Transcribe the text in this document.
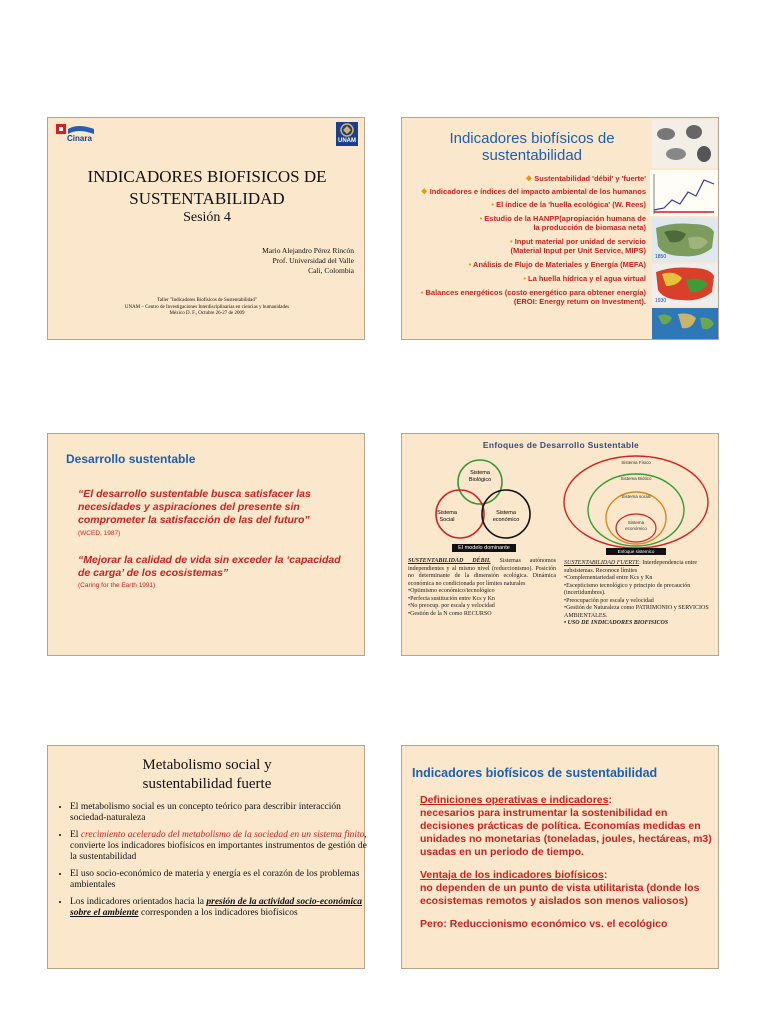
Cinara	UNAM
INDICADORES BIOFISICOS DE
SUSTENTABILIDAD
Sesión 4
Mario Alejandro Pérez Rincón
Prof. Universidad del Valle
Cali, Colombia
Taller "Indicadores Biofísicos de Sustentabilidad"
UNAM – Centro de Investigaciones Interdisciplinarias en ciencias y humanidades
México D. F., Octubre 26-27 de 2009
Indicadores biofísicos de
sustentabilidad
1850
1930
❖ Sustentabilidad 'débil' y 'fuerte'
❖ Indicadores e índices del impacto ambiental de los humanos
• El índice de la 'huella ecológica' (W. Rees)
• Estudio de la HANPP(apropiación humana de la producción de biomasa neta)
• Input material por unidad de servicio (Material Input per Unit Service, MIPS)
• Análisis de Flujo de Materiales y Energía (MEFA)
• La huella hídrica y el agua virtual
• Balances energéticos (costo energético para obtener energía) (EROI: Energy return on Investment).
Desarrollo sustentable
“El desarrollo sustentable busca satisfacer las necesidades y aspiraciones del presente sin comprometer la satisfacción de las del futuro”
(WCED, 1987)
“Mejorar la calidad de vida sin exceder la ‘capacidad de carga’ de los ecosistemas”
(Caring for the Earth 1991)
Enfoques de Desarrollo Sustentable
Sistema Biológico
Sistema Social
Sistema económico
El modelo dominante
Sistema Físico
Sistema Biótico
Sistema social
Sistema económico
Enfoque sistemico
SUSTENTABILIDAD DÉBIL Sistemas autónomos independientes y al mismo nivel (reduccionismo). Posición no determinante de la dimensión ecológica. Dinámica económica no condicionada por límites naturales
•Optimismo económico/tecnológico
•Perfecta sustitución entre Kcs y Kn
•No preocup. por escala y velocidad
•Gestión de la N como RECURSO
SUSTENTABILIDAD FUERTE: Interdependencia entre subsistemas. Reconoce límites
•Complementariedad entre Kcs y Kn
•Escepticismo tecnológico y principio de precaución (incertidumbres).
•Preocupación por escala y velocidad
•Gestión de Naturaleza como PATRIMONIO y SERVICIOS AMBIENTALES.
• USO DE INDICADORES BIOFISICOS
Metabolismo social y
sustentabilidad fuerte
• El metabolismo social es un concepto teórico para describir interacción sociedad-naturaleza
• El crecimiento acelerado del metabolismo de la sociedad en un sistema finito, convierte los indicadores biofísicos en importantes instrumentos de gestión de la sustentabilidad
• El uso socio-económico de materia y energía es el corazón de los problemas ambientales
• Los indicadores orientados hacia la presión de la actividad socio-económica sobre el ambiente corresponden a los indicadores biofísicos
Indicadores biofísicos de sustentabilidad
Definiciones operativas e indicadores:
necesarios para instrumentar la sostenibilidad en decisiones prácticas de política. Economías medidas en unidades no monetarias (toneladas, joules, hectáreas, m3) usadas en un periodo de tiempo.
Ventaja de los indicadores biofísicos:
no dependen de un punto de vista utilitarista (donde los ecosistemas remotos y aislados son menos valiosos)
Pero: Reduccionismo económico vs. el ecológico
